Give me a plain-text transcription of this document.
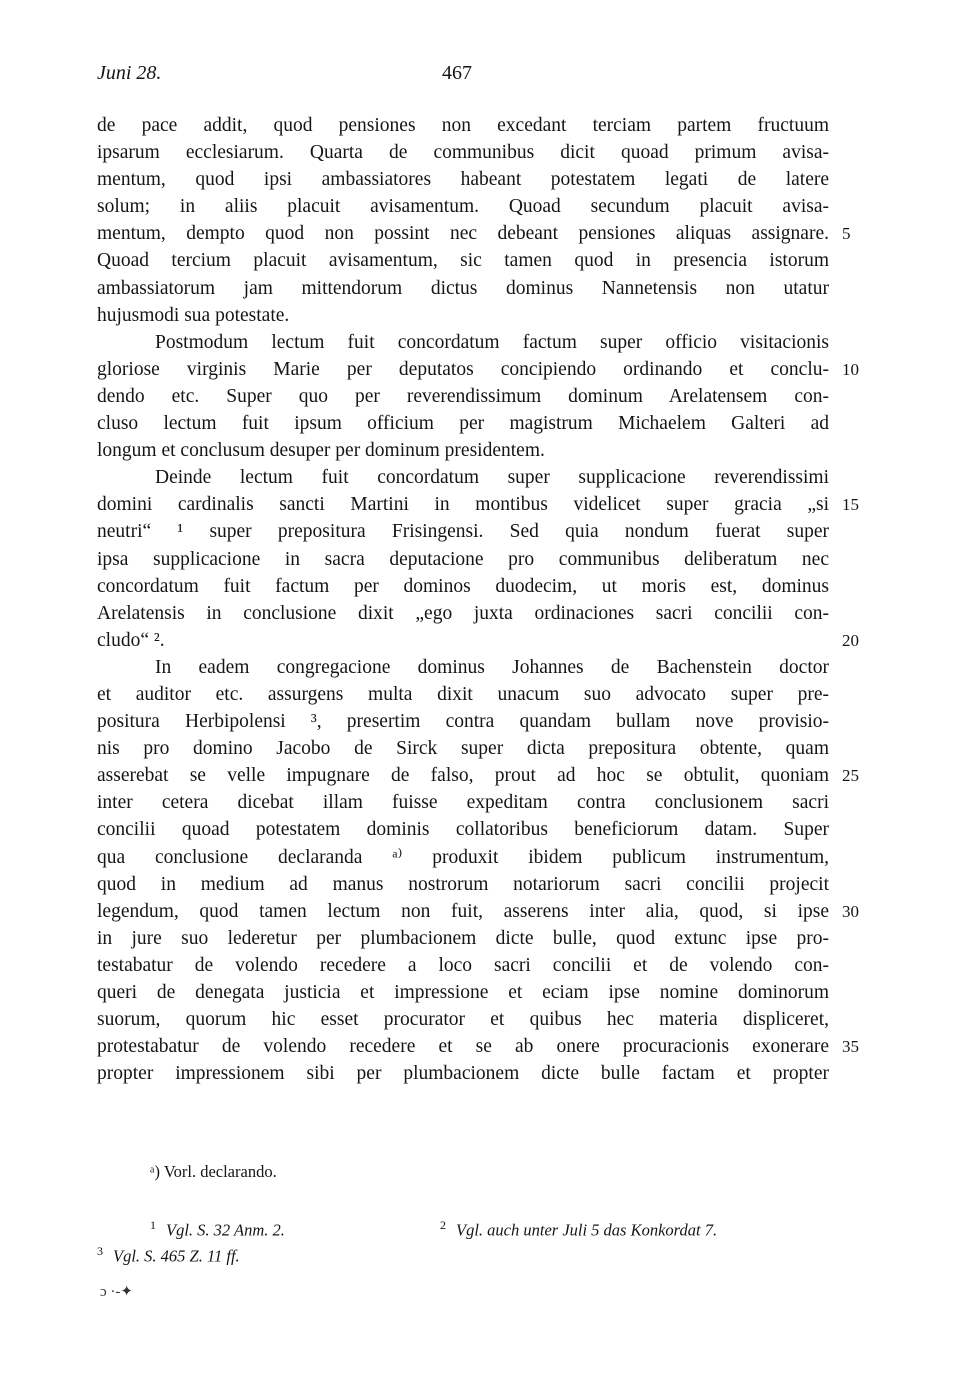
Juni 28.	467
de pace addit, quod pensiones non excedant terciam partem fructuum
ipsarum ecclesiarum. Quarta de communibus dicit quoad primum avisa-
mentum, quod ipsi ambassiatores habeant potestatem legati de latere
solum; in aliis placuit avisamentum. Quoad secundum placuit avisa-
mentum, dempto quod non possint nec debeant pensiones aliquas assignare. 5
Quoad tercium placuit avisamentum, sic tamen quod in presencia istorum
ambassiatorum jam mittendorum dictus dominus Nannetensis non utatur
hujusmodi sua potestate.
Postmodum lectum fuit concordatum factum super officio visitacionis
gloriose virginis Marie per deputatos concipiendo ordinando et conclu- 10
dendo etc. Super quo per reverendissimum dominum Arelatensem con-
cluso lectum fuit ipsum officium per magistrum Michaelem Galteri ad
longum et conclusum desuper per dominum presidentem.
Deinde lectum fuit concordatum super supplicacione reverendissimi
domini cardinalis sancti Martini in montibus videlicet super gracia „si 15
neutri“ ¹ super prepositura Frisingensi. Sed quia nondum fuerat super
ipsa supplicacione in sacra deputacione pro communibus deliberatum nec
concordatum fuit factum per dominos duodecim, ut moris est, dominus
Arelatensis in conclusione dixit „ego juxta ordinaciones sacri concilii con-
cludo“ ².	20
In eadem congregacione dominus Johannes de Bachenstein doctor
et auditor etc. assurgens multa dixit unacum suo advocato super pre-
positura Herbipolensi ³, presertim contra quandam bullam nove provisio-
nis pro domino Jacobo de Sirck super dicta prepositura obtente, quam
asserebat se velle impugnare de falso, prout ad hoc se obtulit, quoniam 25
inter cetera dicebat illam fuisse expeditam contra conclusionem sacri
concilii quoad potestatem dominis collatoribus beneficiorum datam. Super
qua conclusione declaranda ᵃ⁾ produxit ibidem publicum instrumentum,
quod in medium ad manus nostrorum notariorum sacri concilii projecit
legendum, quod tamen lectum non fuit, asserens inter alia, quod, si ipse 30
in jure suo lederetur per plumbacionem dicte bulle, quod extunc ipse pro-
testabatur de volendo recedere a loco sacri concilii et de volendo con-
queri de denegata justicia et impressione et eciam ipse nomine dominorum
suorum, quorum hic esset procurator et quibus hec materia displiceret,
protestabatur de volendo recedere et se ab onere procuracionis exonerare 35
propter impressionem sibi per plumbacionem dicte bulle factam et propter
ᵃ) Vorl. declarando.
$^1$ Vgl. S. 32 Anm. 2.	$^2$ Vgl. auch unter Juli 5 das Konkordat 7.
$^3$ Vgl. S. 465 Z. 11 ff.
ɔ ·-✦
